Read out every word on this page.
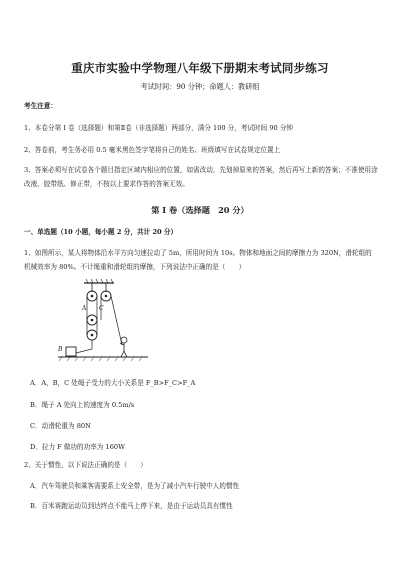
重庆市实验中学物理八年级下册期末考试同步练习
考试时间：90 分钟；命题人：教研组
考生注意：
1、本卷分第 I 卷（选择题）和第Ⅱ卷（非选择题）两部分，满分 100 分，考试时间 90 分钟
2、答卷前，考生务必用 0.5 毫米黑色签字笔将自己的姓名、班级填写在试卷规定位置上
3、答案必须写在试卷各个题目指定区域内相应的位置，如需改动，先划掉原来的答案，然后再写上新的答案；不准使用涂改液、胶带纸、修正带，不按以上要求作答的答案无效。
第 I 卷（选择题　20 分）
一、单选题（10 小题，每小题 2 分，共计 20 分）
1、如图所示，某人将物体沿水平方向匀速拉动了 5m，所用时间为 10s。物体和地面之间的摩擦力为 320N，滑轮组的机械效率为 80%。不计绳重和滑轮组的摩擦，下列说法中正确的是（　　）
A C
B
A．A，B，C 处绳子受力的大小关系是 F_B>F_C>F_A
B．绳子 A 处向上的速度为 0.5m/s
C．动滑轮重为 80N
D．拉力 F 做功的功率为 160W
2、关于惯性，以下说法正确的是（　　）
A．汽车驾驶员和乘客需要系上安全带，是为了减小汽车行驶中人的惯性
B．百米赛跑运动员到达终点不能马上停下来，是由于运动员具有惯性
